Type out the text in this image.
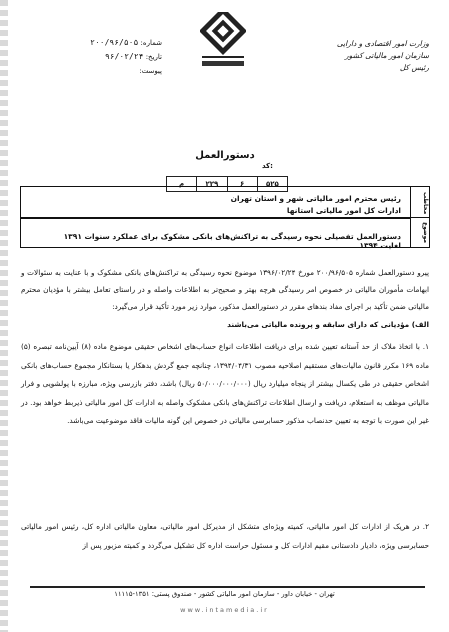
وزارت امور اقتصادی و دارایی
سازمان امور مالیاتی کشور
رئیس کل
شماره: ۲۰۰/۹۶/۵۰۵
تاریخ: ۹۶/۰۲/۲۴
پیوست:
دستورالعمل
کد:
۵۲۵
۶
۲۲۹
م
مخاطب
موضوع
رئیس محترم امور مالیاتی شهر و استان تهران
ادارات کل امور مالیاتی استانها
دستورالعمل تفصیلی نحوه رسیدگی به تراکنش‌های بانکی مشکوک برای عملکرد سنوات ۱۳۹۱ لغایت ۱۳۹۴
پیرو دستورالعمل شماره ۲۰۰/۹۶/۵۰۵ مورخ ۱۳۹۶/۰۲/۲۴ موضوع نحوه رسیدگی به تراکنش‌های بانکی مشکوک و با عنایت به سئوالات و ابهامات مأموران مالیاتی در خصوص امر رسیدگی هرچه بهتر و صحیح‌تر به اطلاعات واصله و در راستای تعامل بیشتر با مؤدیان محترم مالیاتی ضمن تأکید بر اجرای مفاد بندهای مقرر در دستورالعمل مذکور، موارد زیر مورد تأکید قرار می‌گیرد:
الف) مؤدیانی که دارای سابقه و پرونده مالیاتی می‌باشند
۱. با اتخاذ ملاک از حد آستانه تعیین شده برای دریافت اطلاعات انواع حساب‌های اشخاص حقیقی موضوع ماده (۸) آیین‌نامه تبصره (۵) ماده ۱۶۹ مکرر قانون مالیات‌های مستقیم اصلاحیه مصوب ۱۳۹۴/۰۴/۳۱، چنانچه جمع گردش بدهکار یا بستانکار مجموع حساب‌های بانکی اشخاص حقیقی در طی یکسال بیشتر از پنجاه میلیارد ریال (۵۰/۰۰۰/۰۰۰/۰۰۰ ریال) باشد، دفتر بازرسی ویژه، مبارزه با پولشویی و فرار مالیاتی موظف به استعلام، دریافت و ارسال اطلاعات تراکنش‌های بانکی مشکوک واصله به ادارات کل امور مالیاتی ذیربط خواهد بود. در غیر این صورت با توجه به تعیین حدنصاب مذکور حسابرسی مالیاتی در خصوص این گونه مالیات فاقد موضوعیت می‌باشد.
۲. در هریک از ادارات کل امور مالیاتی، کمیته ویژه‌ای متشکل از مدیرکل امور مالیاتی، معاون مالیاتی اداره کل، رئیس امور مالیاتی حسابرسی ویژه، دادیار دادستانی مقیم ادارات کل و مسئول حراست اداره کل تشکیل می‌گردد و کمیته مزبور پس از
تهران - خیابان داور - سازمان امور مالیاتی کشور - صندوق پستی: ۱۳۵۱-۱۱۱۱۵
www.intamedia.ir
